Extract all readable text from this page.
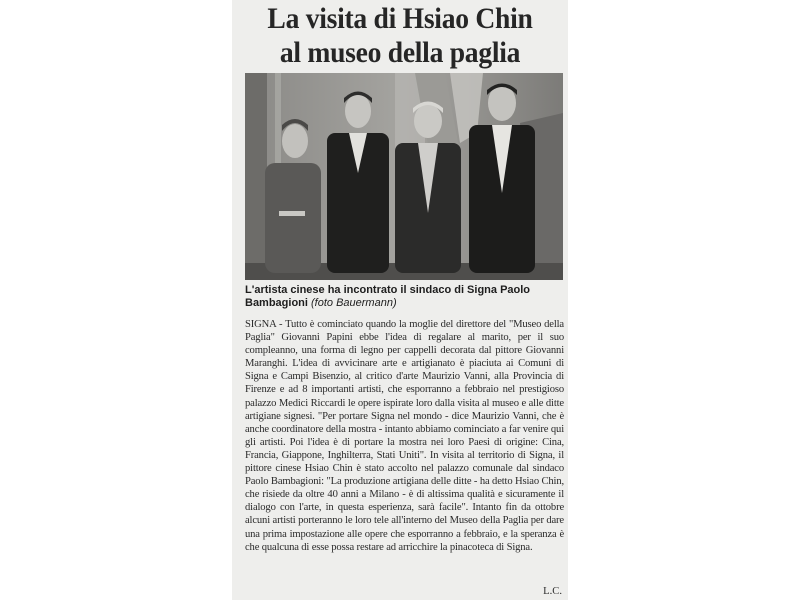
La visita di Hsiao Chin
al museo della paglia

L'artista cinese ha incontrato il sindaco di Signa Paolo Bambagioni (foto Bauermann)

SIGNA - Tutto è cominciato quando la moglie del direttore del "Museo della Paglia" Giovanni Papini ebbe l'idea di regalare al marito, per il suo compleanno, una forma di legno per cappelli decorata dal pittore Giovanni Maranghi. L'idea di avvicinare arte e artigianato è piaciuta ai Comuni di Signa e Campi Bisenzio, al critico d'arte Maurizio Vanni, alla Provincia di Firenze e ad 8 importanti artisti, che esporranno a febbraio nel prestigioso palazzo Medici Riccardi le opere ispirate loro dalla visita al museo e alle ditte artigiane signesi. "Per portare Signa nel mondo - dice Maurizio Vanni, che è anche coordinatore della mostra - intanto abbiamo cominciato a far venire qui gli artisti. Poi l'idea è di portare la mostra nei loro Paesi di origine: Cina, Francia, Giappone, Inghilterra, Stati Uniti". In visita al territorio di Signa, il pittore cinese Hsiao Chin è stato accolto nel palazzo comunale dal sindaco Paolo Bambagioni: "La produzione artigiana delle ditte - ha detto Hsiao Chin, che risiede da oltre 40 anni a Milano - è di altissima qualità e sicuramente il dialogo con l'arte, in questa esperienza, sarà facile". Intanto fin da ottobre alcuni artisti porteranno le loro tele all'interno del Museo della Paglia per dare una prima impostazione alle opere che esporranno a febbraio, e la speranza è che qualcuna di esse possa restare ad arricchire la pinacoteca di Signa.

L.C.
